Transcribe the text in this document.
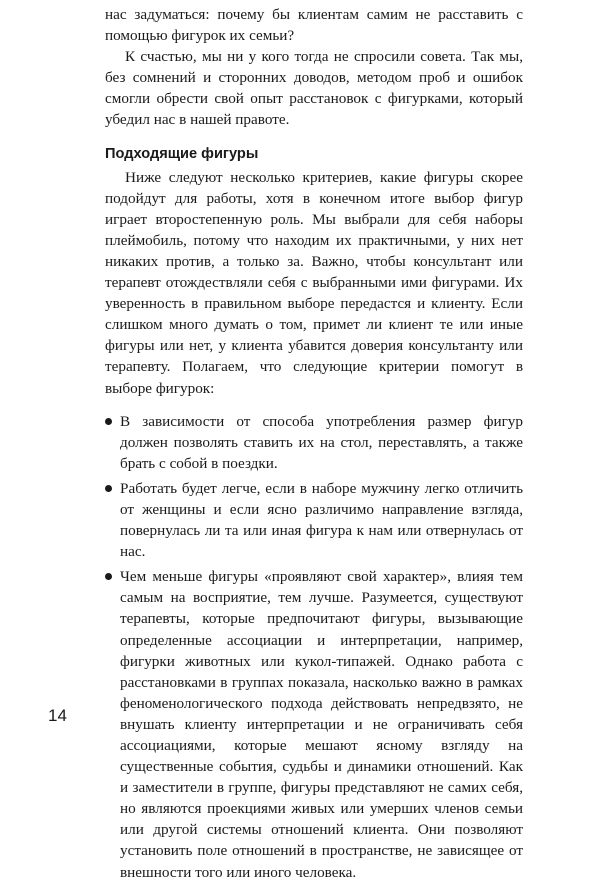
нас задуматься: почему бы клиентам самим не расставить с помощью фигурок их семьи?

К счастью, мы ни у кого тогда не спросили совета. Так мы, без сомнений и сторонних доводов, методом проб и ошибок смогли обрести свой опыт расстановок с фигурками, который убедил нас в нашей правоте.

Подходящие фигуры

Ниже следуют несколько критериев, какие фигуры скорее подойдут для работы, хотя в конечном итоге выбор фигур играет второстепенную роль. Мы выбрали для себя наборы плеймобиль, потому что находим их практичными, у них нет никаких против, а только за. Важно, чтобы консультант или терапевт отождествляли себя с выбранными ими фигурами. Их уверенность в правильном выборе передастся и клиенту. Если слишком много думать о том, примет ли клиент те или иные фигуры или нет, у клиента убавится доверия консультанту или терапевту. Полагаем, что следующие критерии помогут в выборе фигурок:

В зависимости от способа употребления размер фигур должен позволять ставить их на стол, переставлять, а также брать с собой в поездки.

Работать будет легче, если в наборе мужчину легко отличить от женщины и если ясно различимо направление взгляда, повернулась ли та или иная фигура к нам или отвернулась от нас.

Чем меньше фигуры «проявляют свой характер», влияя тем самым на восприятие, тем лучше. Разумеется, существуют терапевты, которые предпочитают фигуры, вызывающие определенные ассоциации и интерпретации, например, фигурки животных или кукол-типажей. Однако работа с расстановками в группах показала, насколько важно в рамках феноменологического подхода действовать непредвзято, не внушать клиенту интерпретации и не ограничивать себя ассоциациями, которые мешают ясному взгляду на существенные события, судьбы и динамики отношений. Как и заместители в группе, фигуры представляют не самих себя, но являются проекциями живых или умерших членов семьи или другой системы отношений клиента. Они позволяют установить поле отношений в пространстве, не зависящее от внешности того или иного человека.

14
